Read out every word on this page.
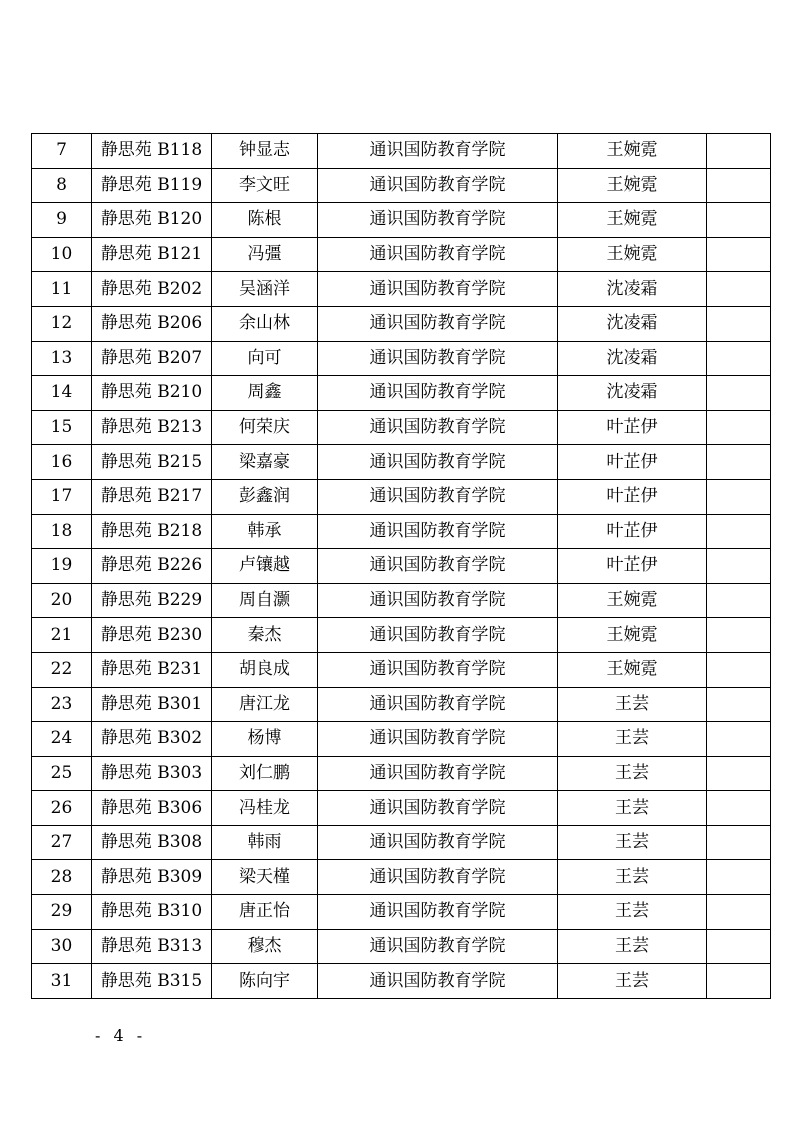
7	静思苑 B118	钟显志	通识国防教育学院	王婉霓	
8	静思苑 B119	李文旺	通识国防教育学院	王婉霓	
9	静思苑 B120	陈根	通识国防教育学院	王婉霓	
10	静思苑 B121	冯彊	通识国防教育学院	王婉霓	
11	静思苑 B202	吴涵洋	通识国防教育学院	沈凌霜	
12	静思苑 B206	余山林	通识国防教育学院	沈凌霜	
13	静思苑 B207	向可	通识国防教育学院	沈凌霜	
14	静思苑 B210	周鑫	通识国防教育学院	沈凌霜	
15	静思苑 B213	何荣庆	通识国防教育学院	叶芷伊	
16	静思苑 B215	梁嘉豪	通识国防教育学院	叶芷伊	
17	静思苑 B217	彭鑫润	通识国防教育学院	叶芷伊	
18	静思苑 B218	韩承	通识国防教育学院	叶芷伊	
19	静思苑 B226	卢镶越	通识国防教育学院	叶芷伊	
20	静思苑 B229	周自灏	通识国防教育学院	王婉霓	
21	静思苑 B230	秦杰	通识国防教育学院	王婉霓	
22	静思苑 B231	胡良成	通识国防教育学院	王婉霓	
23	静思苑 B301	唐江龙	通识国防教育学院	王芸	
24	静思苑 B302	杨博	通识国防教育学院	王芸	
25	静思苑 B303	刘仁鹏	通识国防教育学院	王芸	
26	静思苑 B306	冯桂龙	通识国防教育学院	王芸	
27	静思苑 B308	韩雨	通识国防教育学院	王芸	
28	静思苑 B309	梁天槿	通识国防教育学院	王芸	
29	静思苑 B310	唐正怡	通识国防教育学院	王芸	
30	静思苑 B313	穆杰	通识国防教育学院	王芸	
31	静思苑 B315	陈向宇	通识国防教育学院	王芸	
- 4 -
